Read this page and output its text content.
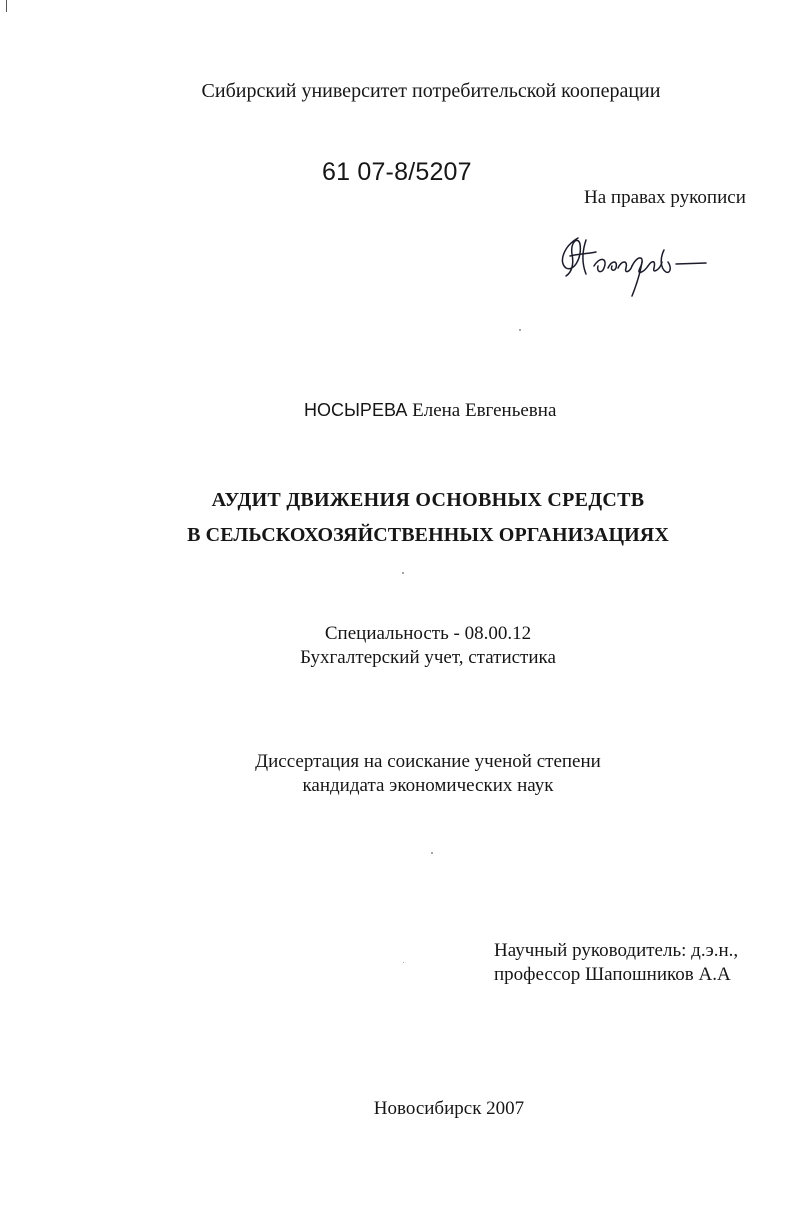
Сибирский университет потребительской кооперации
61 07-8/5207
На правах рукописи
НОСЫРЕВА Елена Евгеньевна
АУДИТ ДВИЖЕНИЯ ОСНОВНЫХ СРЕДСТВ
В СЕЛЬСКОХОЗЯЙСТВЕННЫХ ОРГАНИЗАЦИЯХ
Специальность - 08.00.12
Бухгалтерский учет, статистика
Диссертация на соискание ученой степени
кандидата экономических наук
Научный руководитель: д.э.н.,
профессор Шапошников А.А
Новосибирск 2007
